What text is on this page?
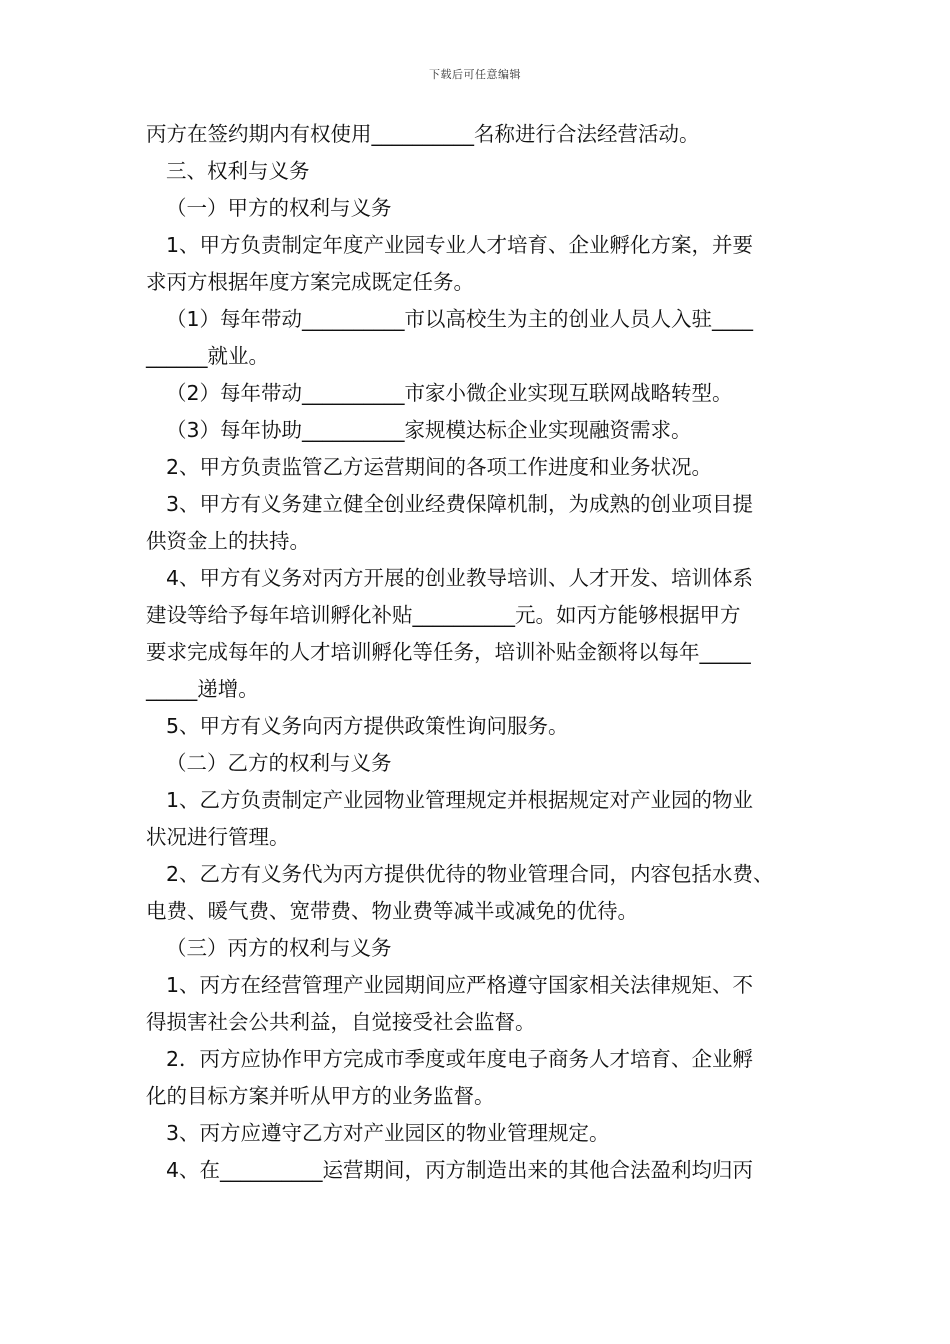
下载后可任意编辑
丙方在签约期内有权使用__________名称进行合法经营活动。
三、权利与义务
（一）甲方的权利与义务
1、甲方负责制定年度产业园专业人才培育、企业孵化方案，并要
求丙方根据年度方案完成既定任务。
（1）每年带动__________市以高校生为主的创业人员人入驻____
______就业。
（2）每年带动__________市家小微企业实现互联网战略转型。
（3）每年协助__________家规模达标企业实现融资需求。
2、甲方负责监管乙方运营期间的各项工作进度和业务状况。
3、甲方有义务建立健全创业经费保障机制，为成熟的创业项目提
供资金上的扶持。
4、甲方有义务对丙方开展的创业教导培训、人才开发、培训体系
建设等给予每年培训孵化补贴__________元。如丙方能够根据甲方
要求完成每年的人才培训孵化等任务，培训补贴金额将以每年_____
_____递增。
5、甲方有义务向丙方提供政策性询问服务。
（二）乙方的权利与义务
1、乙方负责制定产业园物业管理规定并根据规定对产业园的物业
状况进行管理。
2、乙方有义务代为丙方提供优待的物业管理合同，内容包括水费、
电费、暖气费、宽带费、物业费等减半或减免的优待。
（三）丙方的权利与义务
1、丙方在经营管理产业园期间应严格遵守国家相关法律规矩、不
得损害社会公共利益，自觉接受社会监督。
2．丙方应协作甲方完成市季度或年度电子商务人才培育、企业孵
化的目标方案并听从甲方的业务监督。
3、丙方应遵守乙方对产业园区的物业管理规定。
4、在__________运营期间，丙方制造出来的其他合法盈利均归丙
